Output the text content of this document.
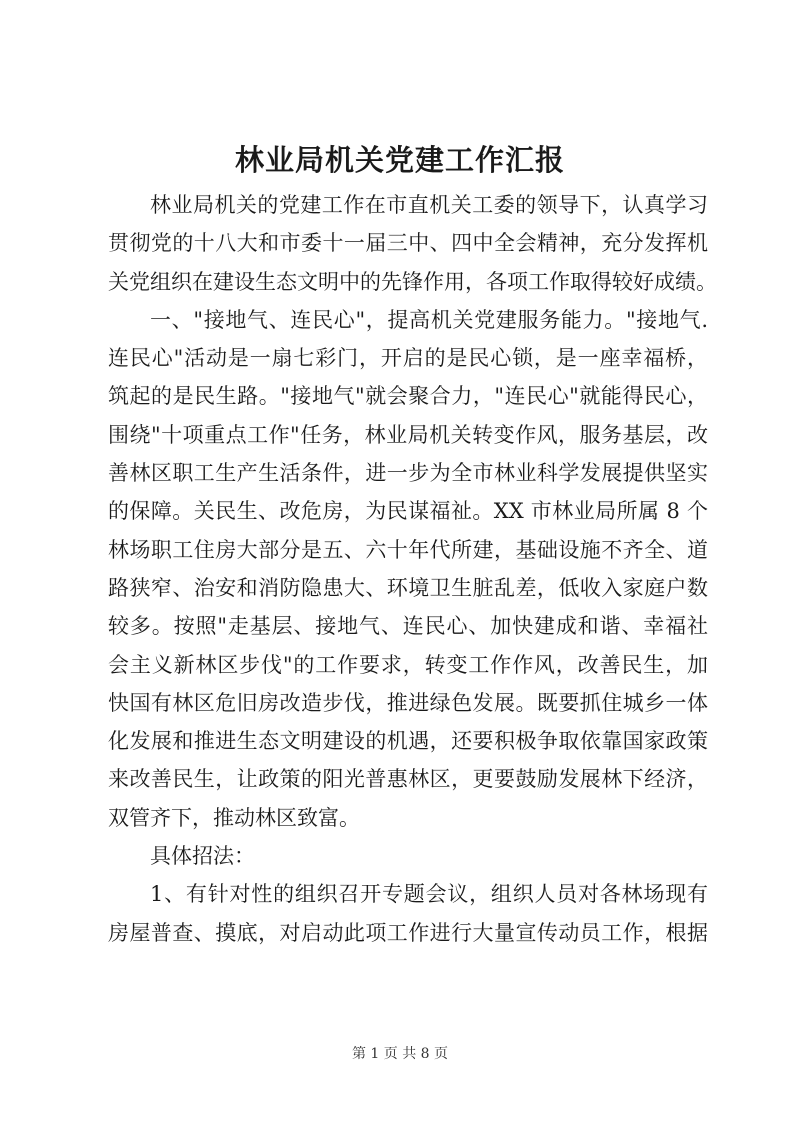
林业局机关党建工作汇报
林业局机关的党建工作在市直机关工委的领导下，认真学习
贯彻党的十八大和市委十一届三中、四中全会精神，充分发挥机
关党组织在建设生态文明中的先锋作用，各项工作取得较好成绩。
一、"接地气、连民心"，提高机关党建服务能力。"接地气.
连民心"活动是一扇七彩门，开启的是民心锁，是一座幸福桥，
筑起的是民生路。"接地气"就会聚合力，"连民心"就能得民心，
围绕"十项重点工作"任务，林业局机关转变作风，服务基层，改
善林区职工生产生活条件，进一步为全市林业科学发展提供坚实
的保障。关民生、改危房，为民谋福祉。XX 市林业局所属 8 个
林场职工住房大部分是五、六十年代所建，基础设施不齐全、道
路狭窄、治安和消防隐患大、环境卫生脏乱差，低收入家庭户数
较多。按照"走基层、接地气、连民心、加快建成和谐、幸福社
会主义新林区步伐"的工作要求，转变工作作风，改善民生，加
快国有林区危旧房改造步伐，推进绿色发展。既要抓住城乡一体
化发展和推进生态文明建设的机遇，还要积极争取依靠国家政策
来改善民生，让政策的阳光普惠林区，更要鼓励发展林下经济，
双管齐下，推动林区致富。
具体招法：
1、有针对性的组织召开专题会议，组织人员对各林场现有
房屋普查、摸底，对启动此项工作进行大量宣传动员工作，根据
第 1 页 共 8 页
